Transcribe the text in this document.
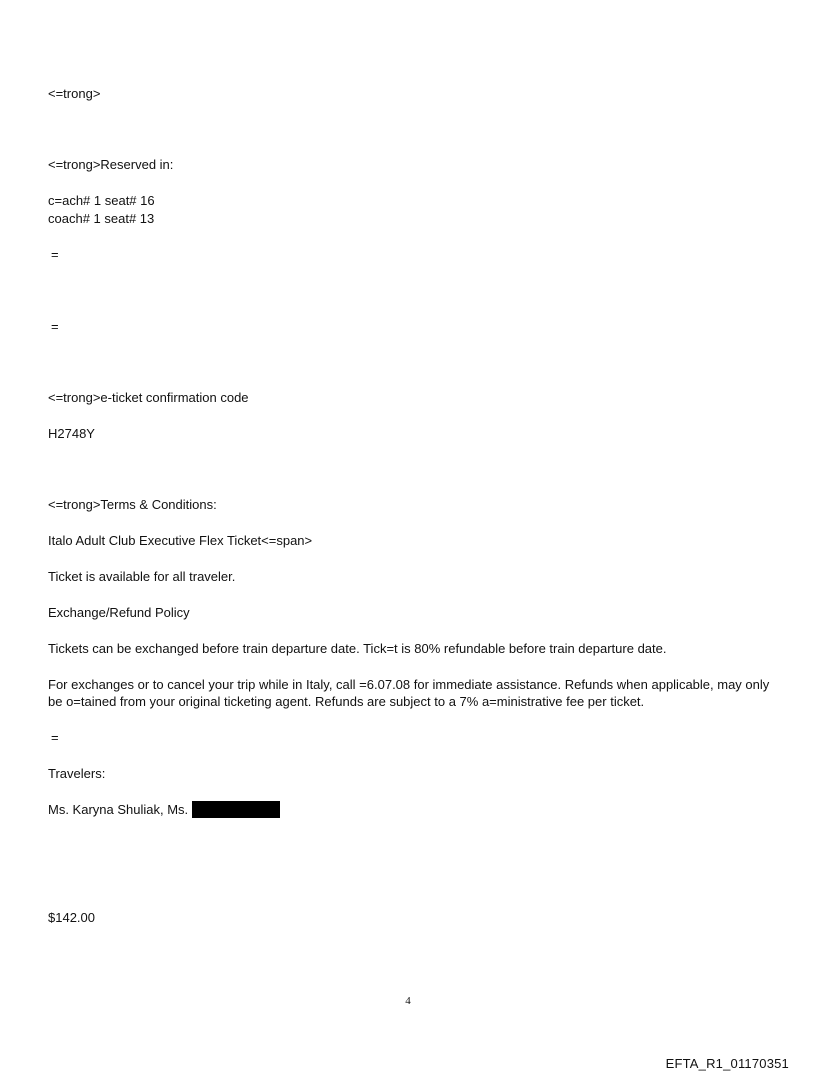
<=trong>
<=trong>Reserved in:
c=ach# 1 seat# 16
coach# 1 seat# 13
=
=
<=trong>e-ticket confirmation code
H2748Y
<=trong>Terms & Conditions:
Italo Adult Club Executive Flex Ticket<=span>
Ticket is available for all traveler.
Exchange/Refund Policy
Tickets can be exchanged before train departure date. Tick=t is 80% refundable before train departure date.
For exchanges or to cancel your trip while in Italy, call =6.07.08 for immediate assistance. Refunds when applicable, may only be o=tained from your original ticketing agent. Refunds are subject to a 7% a=ministrative fee per ticket.
=
Travelers:
Ms. Karyna Shuliak, Ms.
$142.00
4
EFTA_R1_01170351
